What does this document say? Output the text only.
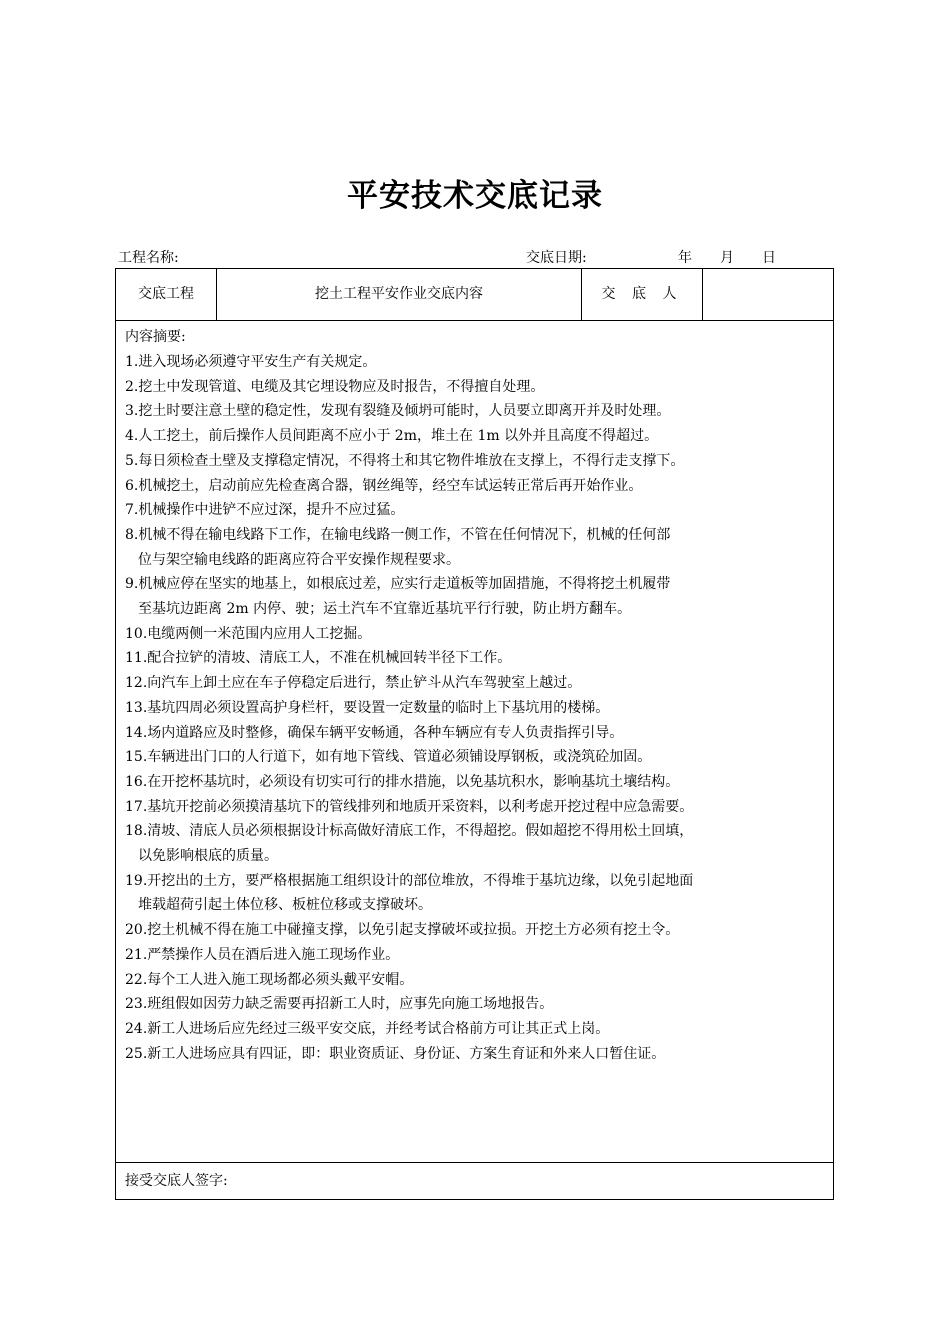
平安技术交底记录
工程名称:	交底日期:	年 月 日
交底工程	挖土工程平安作业交底内容	交 底 人
内容摘要:
1.进入现场必须遵守平安生产有关规定。
2.挖土中发现管道、电缆及其它埋设物应及时报告，不得擅自处理。
3.挖土时要注意土壁的稳定性，发现有裂缝及倾坍可能时，人员要立即离开并及时处理。
4.人工挖土，前后操作人员间距离不应小于 2m，堆土在 1m 以外并且高度不得超过。
5.每日须检查土壁及支撑稳定情况，不得将土和其它物件堆放在支撑上，不得行走支撑下。
6.机械挖土，启动前应先检查离合器，钢丝绳等，经空车试运转正常后再开始作业。
7.机械操作中进铲不应过深，提升不应过猛。
8.机械不得在输电线路下工作，在输电线路一侧工作，不管在任何情况下，机械的任何部
位与架空输电线路的距离应符合平安操作规程要求。
9.机械应停在坚实的地基上，如根底过差，应实行走道板等加固措施，不得将挖土机履带
至基坑边距离 2m 内停、驶；运土汽车不宜靠近基坑平行行驶，防止坍方翻车。
10.电缆两侧一米范围内应用人工挖掘。
11.配合拉铲的清坡、清底工人，不准在机械回转半径下工作。
12.向汽车上卸土应在车子停稳定后进行，禁止铲斗从汽车驾驶室上越过。
13.基坑四周必须设置高护身栏杆，要设置一定数量的临时上下基坑用的楼梯。
14.场内道路应及时整修，确保车辆平安畅通，各种车辆应有专人负责指挥引导。
15.车辆进出门口的人行道下，如有地下管线、管道必须铺设厚钢板，或浇筑砼加固。
16.在开挖杯基坑时，必须设有切实可行的排水措施，以免基坑积水，影响基坑土壤结构。
17.基坑开挖前必须摸清基坑下的管线排列和地质开采资料，以利考虑开挖过程中应急需要。
18.清坡、清底人员必须根据设计标高做好清底工作，不得超挖。假如超挖不得用松土回填，
以免影响根底的质量。
19.开挖出的土方，要严格根据施工组织设计的部位堆放，不得堆于基坑边缘，以免引起地面
堆载超荷引起土体位移、板桩位移或支撑破坏。
20.挖土机械不得在施工中碰撞支撑，以免引起支撑破坏或拉损。开挖土方必须有挖土令。
21.严禁操作人员在酒后进入施工现场作业。
22.每个工人进入施工现场都必须头戴平安帽。
23.班组假如因劳力缺乏需要再招新工人时，应事先向施工场地报告。
24.新工人进场后应先经过三级平安交底，并经考试合格前方可让其正式上岗。
25.新工人进场应具有四证，即：职业资质证、身份证、方案生育证和外来人口暂住证。
接受交底人签字:
